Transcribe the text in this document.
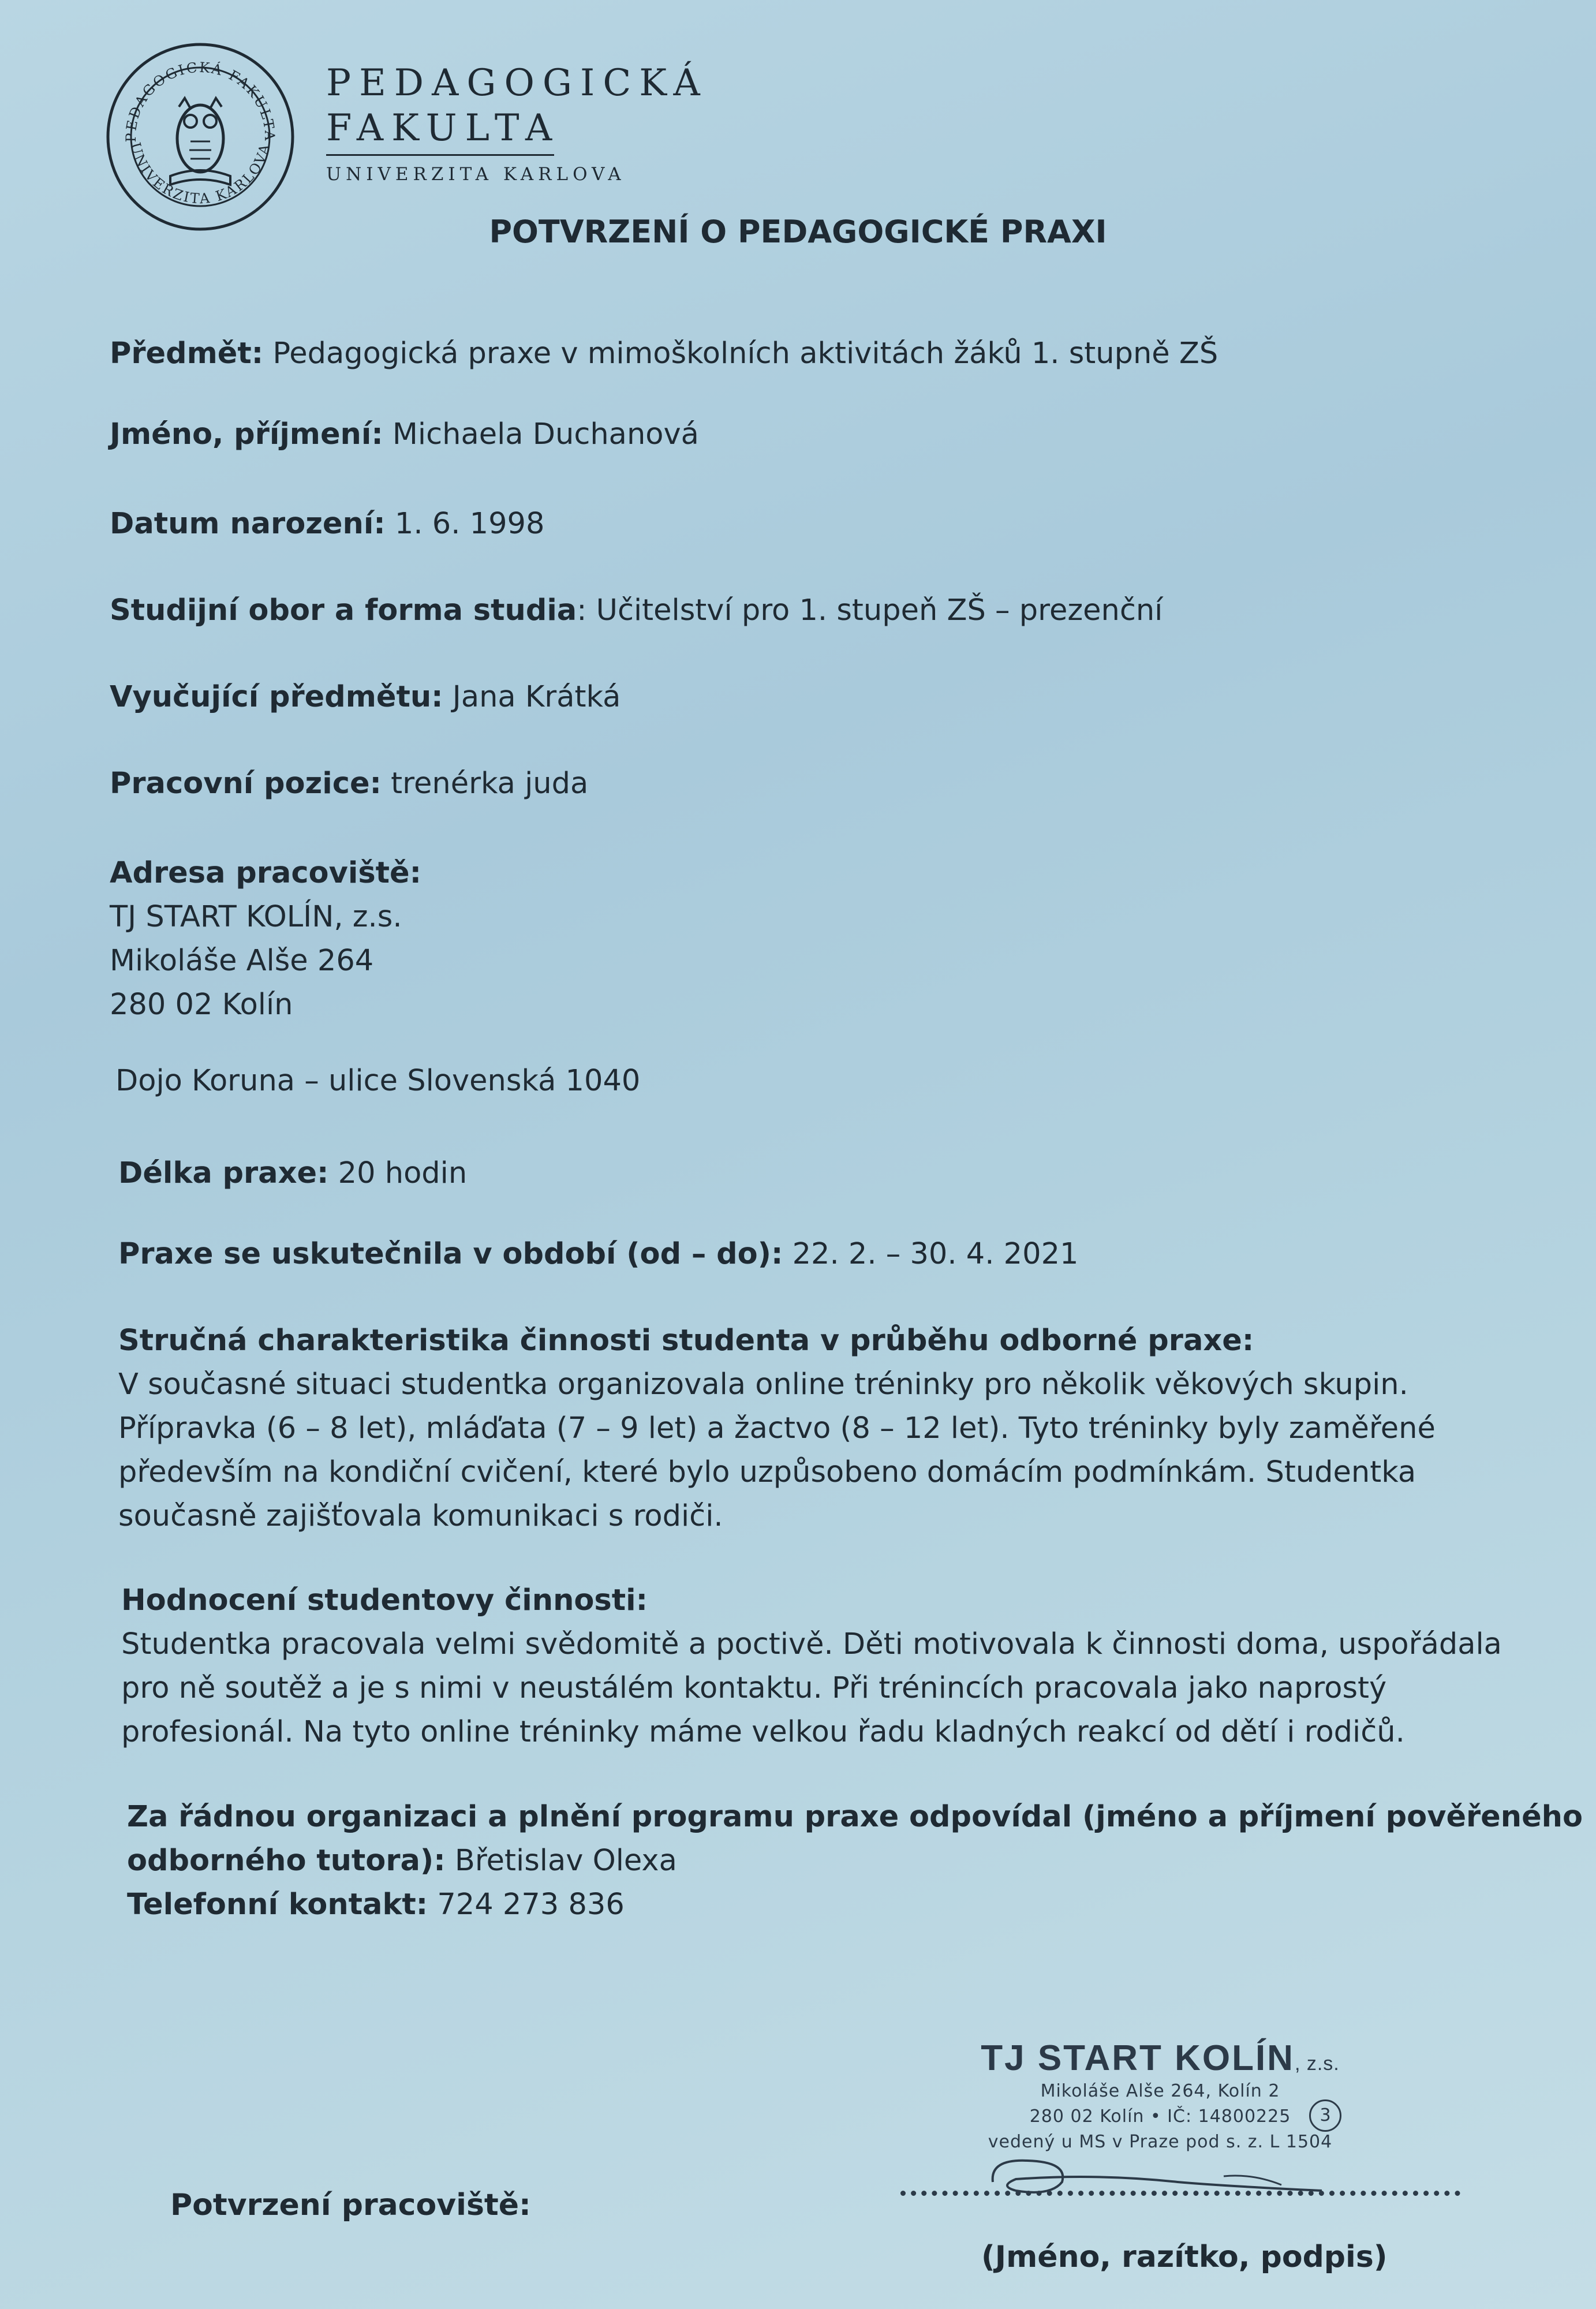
PEDAGOGICKÁ FAKULTA
UNIVERZITA KARLOVA
PEDAGOGICKÁ
FAKULTA
UNIVERZITA KARLOVA
POTVRZENÍ O PEDAGOGICKÉ PRAXI
Předmět: Pedagogická praxe v mimoškolních aktivitách žáků 1. stupně ZŠ
Jméno, příjmení: Michaela Duchanová
Datum narození: 1. 6. 1998
Studijní obor a forma studia: Učitelství pro 1. stupeň ZŠ – prezenční
Vyučující předmětu: Jana Krátká
Pracovní pozice: trenérka juda
Adresa pracoviště:
TJ START KOLÍN, z.s.
Mikoláše Alše 264
280 02 Kolín
Dojo Koruna – ulice Slovenská 1040
Délka praxe: 20 hodin
Praxe se uskutečnila v období (od – do): 22. 2. – 30. 4. 2021
Stručná charakteristika činnosti studenta v průběhu odborné praxe:
V současné situaci studentka organizovala online tréninky pro několik věkových skupin.
Přípravka (6 – 8 let), mláďata (7 – 9 let) a žactvo (8 – 12 let). Tyto tréninky byly zaměřené
především na kondiční cvičení, které bylo uzpůsobeno domácím podmínkám. Studentka
současně zajišťovala komunikaci s rodiči.
Hodnocení studentovy činnosti:
Studentka pracovala velmi svědomitě a poctivě. Děti motivovala k činnosti doma, uspořádala
pro ně soutěž a je s nimi v neustálém kontaktu. Při trénincích pracovala jako naprostý
profesionál. Na tyto online tréninky máme velkou řadu kladných reakcí od dětí i rodičů.
Za řádnou organizaci a plnění programu praxe odpovídal (jméno a příjmení pověřeného
odborného tutora): Břetislav Olexa
Telefonní kontakt: 724 273 836
TJ START KOLÍN, z.s.
Mikoláše Alše 264, Kolín 2
280 02 Kolín • IČ: 14800225
vedený u MS v Praze pod s. z. L 1504
3
Potvrzení pracoviště:
(Jméno, razítko, podpis)
